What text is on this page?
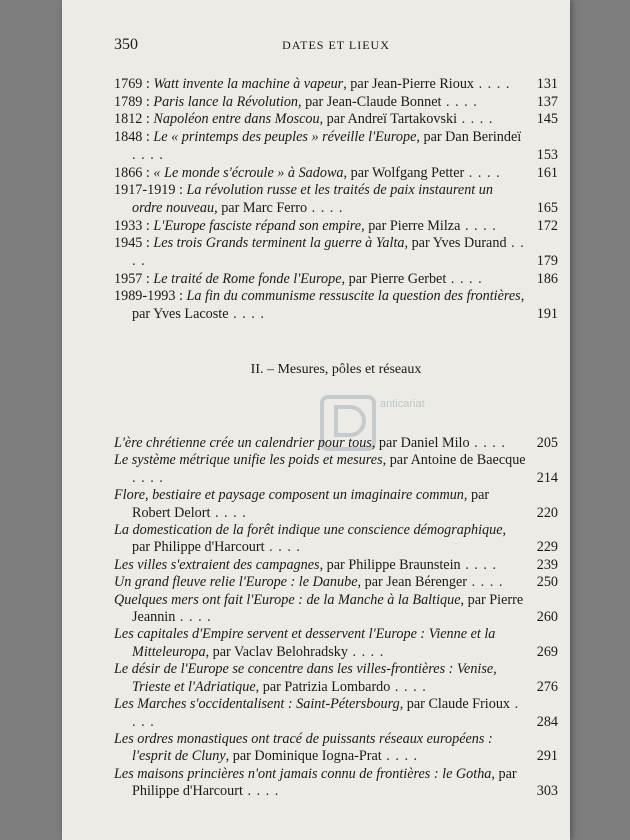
anticariat
350	DATES ET LIEUX
1769 : Watt invente la machine à vapeur, par Jean-Pierre Rioux . . . . 131
1789 : Paris lance la Révolution, par Jean-Claude Bonnet . . . .	137
1812 : Napoléon entre dans Moscou, par Andreï Tartakovski . . . .	145
1848 : Le « printemps des peuples » réveille l'Europe, par Dan Berindeï . . . .	153
1866 : « Le monde s'écroule » à Sadowa, par Wolfgang Petter . . . .	161
1917-1919 : La révolution russe et les traités de paix instaurent un ordre nouveau, par Marc Ferro . . . .	165
1933 : L'Europe fasciste répand son empire, par Pierre Milza . . . .	172
1945 : Les trois Grands terminent la guerre à Yalta, par Yves Durand . . . .	179
1957 : Le traité de Rome fonde l'Europe, par Pierre Gerbet . . . .	186
1989-1993 : La fin du communisme ressuscite la question des frontières, par Yves Lacoste . . . .	191
II. – Mesures, pôles et réseaux
L'ère chrétienne crée un calendrier pour tous, par Daniel Milo . . . . 205
Le système métrique unifie les poids et mesures, par Antoine de Baecque . . . .	214
Flore, bestiaire et paysage composent un imaginaire commun, par Robert Delort . . . .	220
La domestication de la forêt indique une conscience démographique, par Philippe d'Harcourt . . . .	229
Les villes s'extraient des campagnes, par Philippe Braunstein . . . .	239
Un grand fleuve relie l'Europe : le Danube, par Jean Bérenger . . . . 250
Quelques mers ont fait l'Europe : de la Manche à la Baltique, par Pierre Jeannin . . . .	260
Les capitales d'Empire servent et desservent l'Europe : Vienne et la Mitteleuropa, par Vaclav Belohradsky . . . .	269
Le désir de l'Europe se concentre dans les villes-frontières : Venise, Trieste et l'Adriatique, par Patrizia Lombardo . . . .	276
Les Marches s'occidentalisent : Saint-Pétersbourg, par Claude Frioux . . . .	284
Les ordres monastiques ont tracé de puissants réseaux européens : l'esprit de Cluny, par Dominique Iogna-Prat . . . .	291
Les maisons princières n'ont jamais connu de frontières : le Gotha, par Philippe d'Harcourt . . . .	303
